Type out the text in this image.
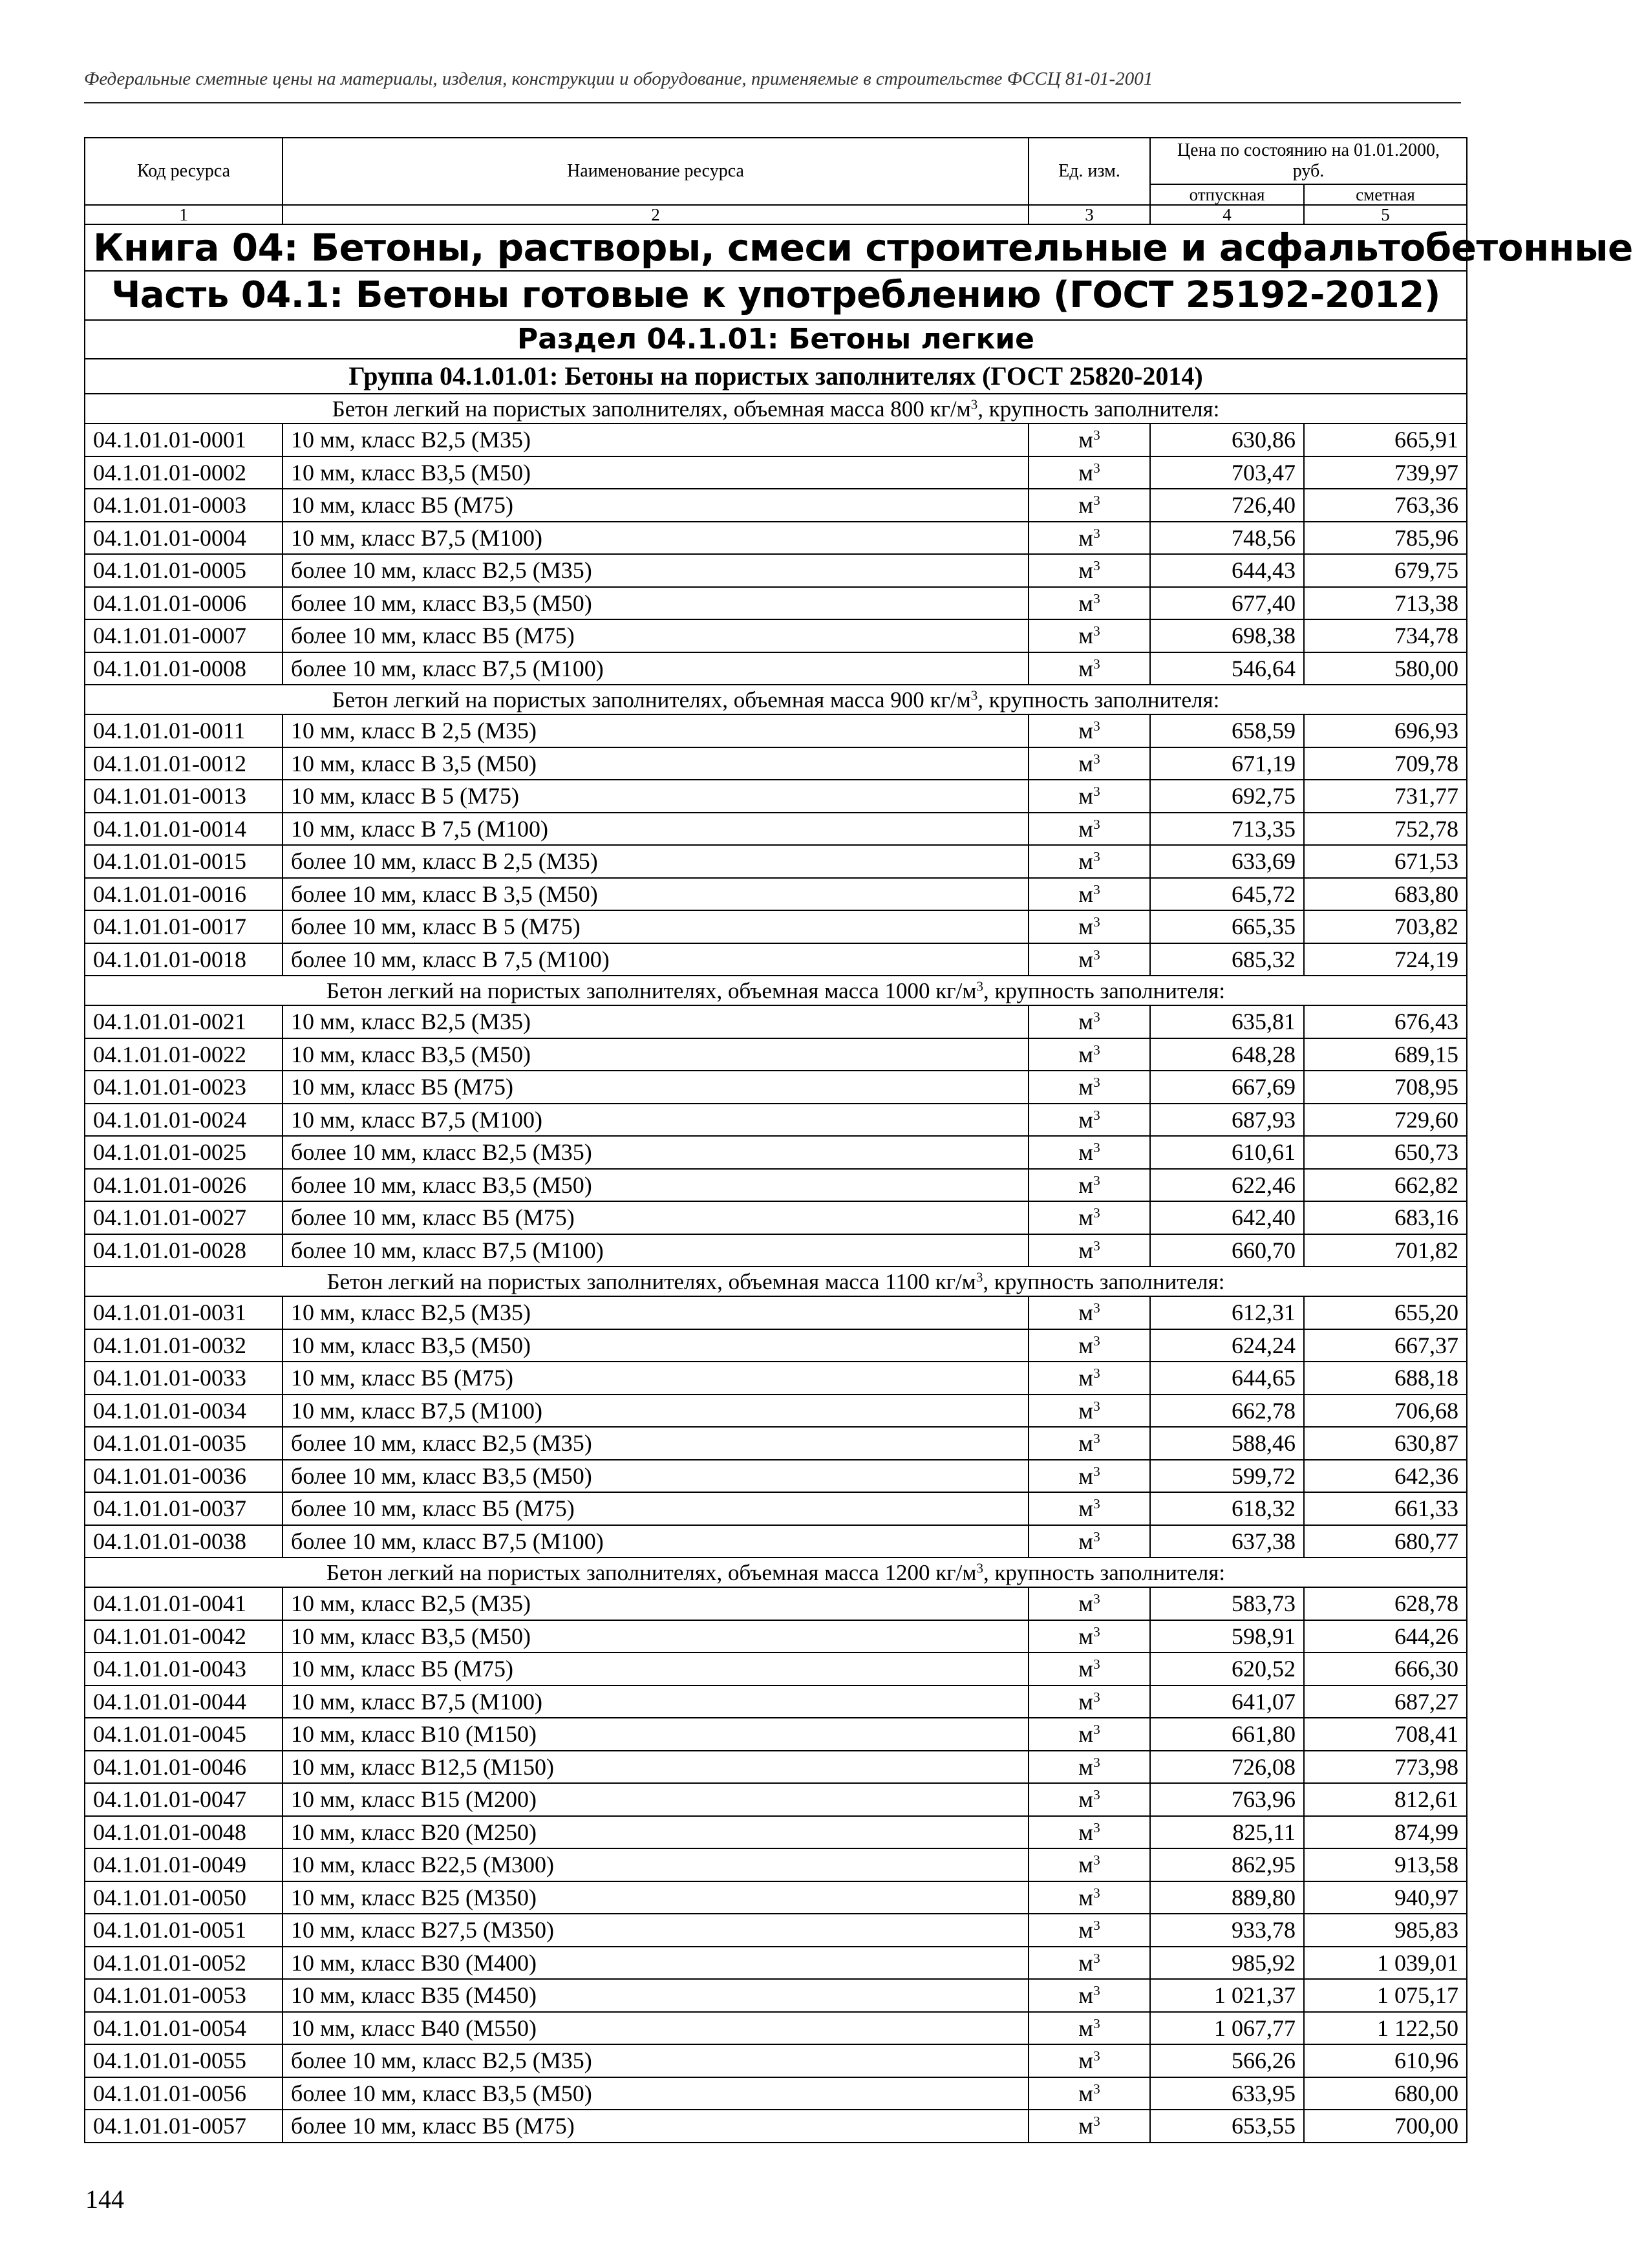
Федеральные сметные цены на материалы, изделия, конструкции и оборудование, применяемые в строительстве ФССЦ 81-01-2001
Код ресурса	Наименование ресурса	Ед. изм.	Цена по состоянию на 01.01.2000, руб.	
			отпускная	сметная
1	2	3	4	5
Книга 04: Бетоны, растворы, смеси строительные и асфальтобетонные				
Часть 04.1: Бетоны готовые к употреблению (ГОСТ 25192-2012)				
Раздел 04.1.01: Бетоны легкие				
Группа 04.1.01.01: Бетоны на пористых заполнителях (ГОСТ 25820-2014)				
Бетон легкий на пористых заполнителях, объемная масса 800 $кг/м^3$, крупность заполнителя:				
04.1.01.01-0001	10 мм, класс В2,5 (М35)	$м^3$	630,86	665,91
04.1.01.01-0002	10 мм, класс В3,5 (М50)	$м^3$	703,47	739,97
04.1.01.01-0003	10 мм, класс В5 (М75)	$м^3$	726,40	763,36
04.1.01.01-0004	10 мм, класс В7,5 (М100)	$м^3$	748,56	785,96
04.1.01.01-0005	более 10 мм, класс В2,5 (М35)	$м^3$	644,43	679,75
04.1.01.01-0006	более 10 мм, класс В3,5 (М50)	$м^3$	677,40	713,38
04.1.01.01-0007	более 10 мм, класс В5 (М75)	$м^3$	698,38	734,78
04.1.01.01-0008	более 10 мм, класс В7,5 (М100)	$м^3$	546,64	580,00
Бетон легкий на пористых заполнителях, объемная масса 900 $кг/м^3$, крупность заполнителя:				
04.1.01.01-0011	10 мм, класс В 2,5 (М35)	$м^3$	658,59	696,93
04.1.01.01-0012	10 мм, класс В 3,5 (М50)	$м^3$	671,19	709,78
04.1.01.01-0013	10 мм, класс В 5 (М75)	$м^3$	692,75	731,77
04.1.01.01-0014	10 мм, класс В 7,5 (М100)	$м^3$	713,35	752,78
04.1.01.01-0015	более 10 мм, класс В 2,5 (М35)	$м^3$	633,69	671,53
04.1.01.01-0016	более 10 мм, класс В 3,5 (М50)	$м^3$	645,72	683,80
04.1.01.01-0017	более 10 мм, класс В 5 (М75)	$м^3$	665,35	703,82
04.1.01.01-0018	более 10 мм, класс В 7,5 (М100)	$м^3$	685,32	724,19
Бетон легкий на пористых заполнителях, объемная масса 1000 $кг/м^3$, крупность заполнителя:				
04.1.01.01-0021	10 мм, класс В2,5 (М35)	$м^3$	635,81	676,43
04.1.01.01-0022	10 мм, класс В3,5 (М50)	$м^3$	648,28	689,15
04.1.01.01-0023	10 мм, класс В5 (М75)	$м^3$	667,69	708,95
04.1.01.01-0024	10 мм, класс В7,5 (М100)	$м^3$	687,93	729,60
04.1.01.01-0025	более 10 мм, класс В2,5 (М35)	$м^3$	610,61	650,73
04.1.01.01-0026	более 10 мм, класс В3,5 (М50)	$м^3$	622,46	662,82
04.1.01.01-0027	более 10 мм, класс В5 (М75)	$м^3$	642,40	683,16
04.1.01.01-0028	более 10 мм, класс В7,5 (М100)	$м^3$	660,70	701,82
Бетон легкий на пористых заполнителях, объемная масса 1100 $кг/м^3$, крупность заполнителя:				
04.1.01.01-0031	10 мм, класс В2,5 (М35)	$м^3$	612,31	655,20
04.1.01.01-0032	10 мм, класс В3,5 (М50)	$м^3$	624,24	667,37
04.1.01.01-0033	10 мм, класс В5 (М75)	$м^3$	644,65	688,18
04.1.01.01-0034	10 мм, класс В7,5 (М100)	$м^3$	662,78	706,68
04.1.01.01-0035	более 10 мм, класс В2,5 (М35)	$м^3$	588,46	630,87
04.1.01.01-0036	более 10 мм, класс В3,5 (М50)	$м^3$	599,72	642,36
04.1.01.01-0037	более 10 мм, класс В5 (М75)	$м^3$	618,32	661,33
04.1.01.01-0038	более 10 мм, класс В7,5 (М100)	$м^3$	637,38	680,77
Бетон легкий на пористых заполнителях, объемная масса 1200 $кг/м^3$, крупность заполнителя:				
04.1.01.01-0041	10 мм, класс В2,5 (М35)	$м^3$	583,73	628,78
04.1.01.01-0042	10 мм, класс В3,5 (М50)	$м^3$	598,91	644,26
04.1.01.01-0043	10 мм, класс В5 (М75)	$м^3$	620,52	666,30
04.1.01.01-0044	10 мм, класс В7,5 (М100)	$м^3$	641,07	687,27
04.1.01.01-0045	10 мм, класс В10 (М150)	$м^3$	661,80	708,41
04.1.01.01-0046	10 мм, класс В12,5 (М150)	$м^3$	726,08	773,98
04.1.01.01-0047	10 мм, класс В15 (М200)	$м^3$	763,96	812,61
04.1.01.01-0048	10 мм, класс В20 (М250)	$м^3$	825,11	874,99
04.1.01.01-0049	10 мм, класс В22,5 (М300)	$м^3$	862,95	913,58
04.1.01.01-0050	10 мм, класс В25 (М350)	$м^3$	889,80	940,97
04.1.01.01-0051	10 мм, класс В27,5 (М350)	$м^3$	933,78	985,83
04.1.01.01-0052	10 мм, класс В30 (М400)	$м^3$	985,92	1 039,01
04.1.01.01-0053	10 мм, класс В35 (М450)	$м^3$	1 021,37	1 075,17
04.1.01.01-0054	10 мм, класс В40 (М550)	$м^3$	1 067,77	1 122,50
04.1.01.01-0055	более 10 мм, класс В2,5 (М35)	$м^3$	566,26	610,96
04.1.01.01-0056	более 10 мм, класс В3,5 (М50)	$м^3$	633,95	680,00
04.1.01.01-0057	более 10 мм, класс В5 (М75)	$м^3$	653,55	700,00
144
